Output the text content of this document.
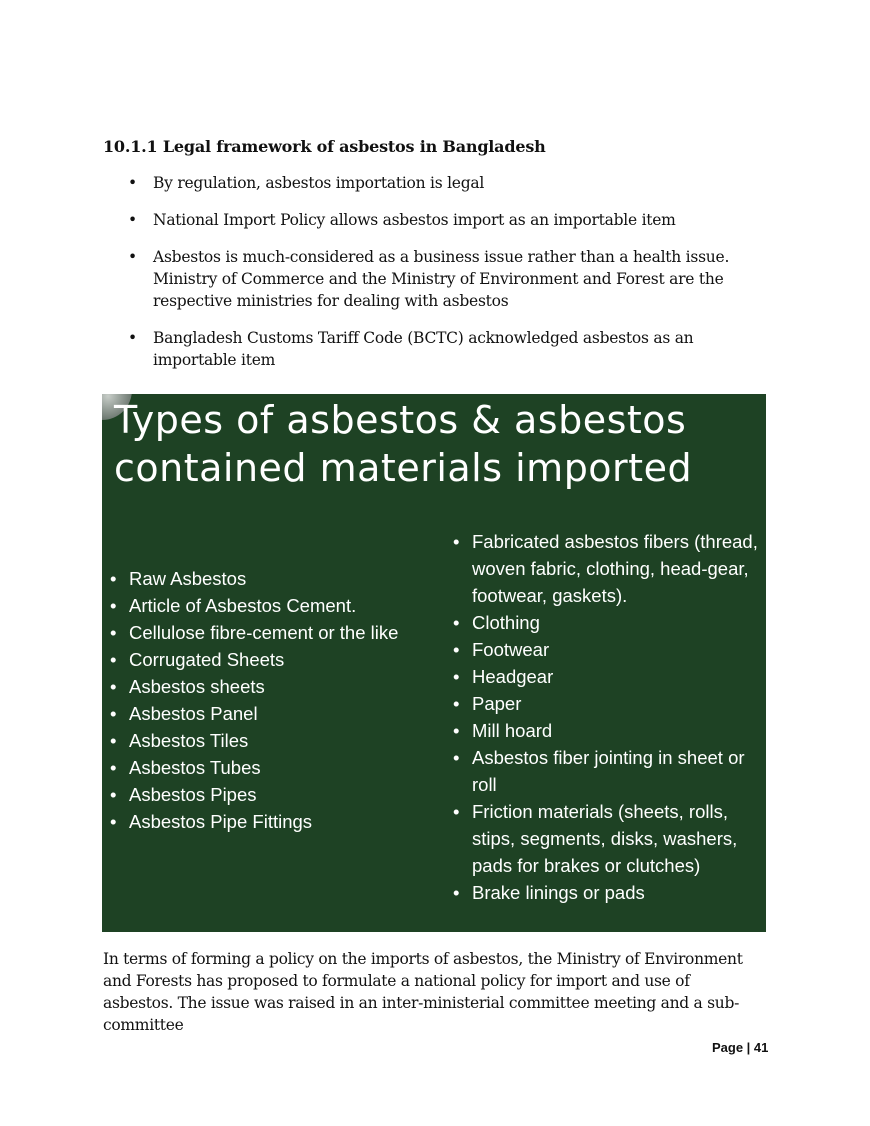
10.1.1 Legal framework of asbestos in Bangladesh
• By regulation, asbestos importation is legal
• National Import Policy allows asbestos import as an importable item
• Asbestos is much-considered as a business issue rather than a health issue. Ministry of Commerce and the Ministry of Environment and Forest are the respective ministries for dealing with asbestos
• Bangladesh Customs Tariff Code (BCTC) acknowledged asbestos as an importable item
Types of asbestos & asbestos
contained materials imported
• Raw Asbestos
• Article of Asbestos Cement.
• Cellulose fibre-cement or the like
• Corrugated Sheets
• Asbestos sheets
• Asbestos Panel
• Asbestos Tiles
• Asbestos Tubes
• Asbestos Pipes
• Asbestos Pipe Fittings
• Fabricated asbestos fibers (thread, woven fabric, clothing, head-gear, footwear, gaskets).
• Clothing
• Footwear
• Headgear
• Paper
• Mill hoard
• Asbestos fiber jointing in sheet or roll
• Friction materials (sheets, rolls, stips, segments, disks, washers, pads for brakes or clutches)
• Brake linings or pads

In terms of forming a policy on the imports of asbestos, the Ministry of Environment and Forests has proposed to formulate a national policy for import and use of asbestos. The issue was raised in an inter-ministerial committee meeting and a sub-committee

Page | 41
